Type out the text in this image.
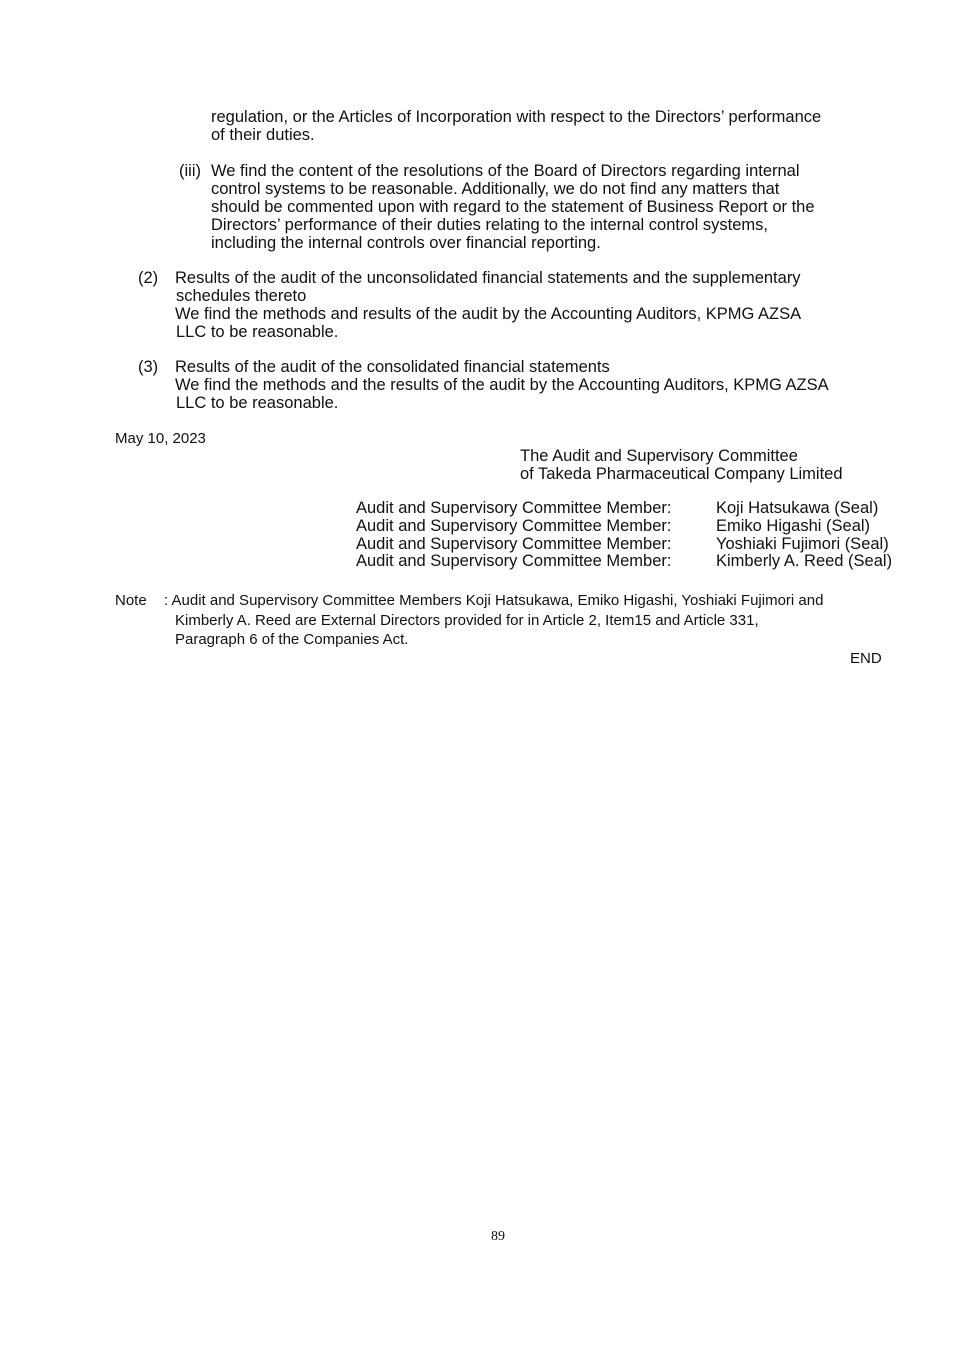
regulation, or the Articles of Incorporation with respect to the Directors’ performance
of their duties.
(iii) We find the content of the resolutions of the Board of Directors regarding internal
control systems to be reasonable. Additionally, we do not find any matters that
should be commented upon with regard to the statement of Business Report or the
Directors’ performance of their duties relating to the internal control systems,
including the internal controls over financial reporting.
(2) Results of the audit of the unconsolidated financial statements and the supplementary
schedules thereto
We find the methods and results of the audit by the Accounting Auditors, KPMG AZSA
LLC to be reasonable.
(3) Results of the audit of the consolidated financial statements
We find the methods and the results of the audit by the Accounting Auditors, KPMG AZSA
LLC to be reasonable.
May 10, 2023
The Audit and Supervisory Committee
of Takeda Pharmaceutical Company Limited
Audit and Supervisory Committee Member:	Koji Hatsukawa (Seal)
Audit and Supervisory Committee Member:	Emiko Higashi (Seal)
Audit and Supervisory Committee Member:	Yoshiaki Fujimori (Seal)
Audit and Supervisory Committee Member:	Kimberly A. Reed (Seal)
Note : Audit and Supervisory Committee Members Koji Hatsukawa, Emiko Higashi, Yoshiaki Fujimori and
Kimberly A. Reed are External Directors provided for in Article 2, Item15 and Article 331,
Paragraph 6 of the Companies Act.
END
89
